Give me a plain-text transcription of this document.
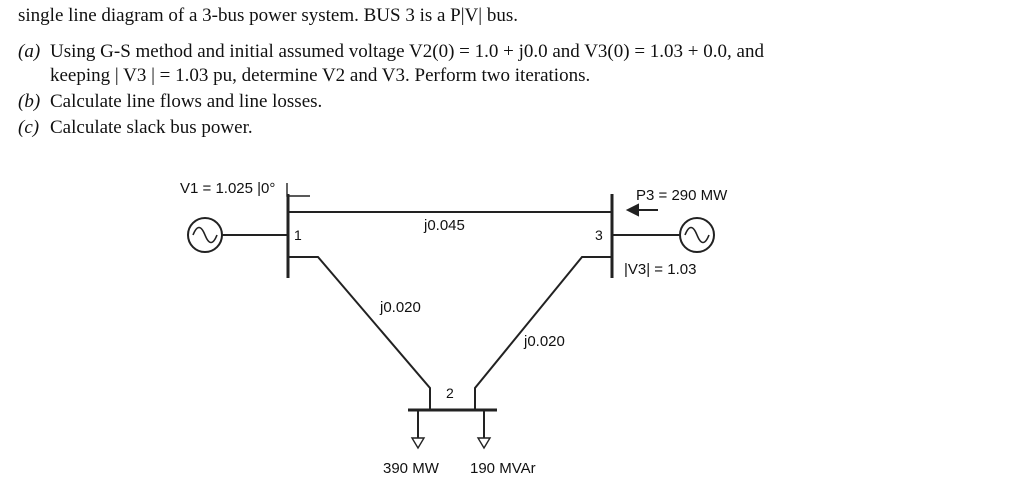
single line diagram of a 3-bus power system. BUS 3 is a P|V| bus.
(a) Using G-S method and initial assumed voltage V2(0) = 1.0 + j0.0 and V3(0) = 1.03 + 0.0, and
keeping | V3 | = 1.03 pu, determine V2 and V3. Perform two iterations.
(b) Calculate line flows and line losses.
(c) Calculate slack bus power.
V1 = 1.025 |0°
1	3
2
j0.045
j0.020
j0.020
P3 = 290 MW
|V3| = 1.03
390 MW 190 MVAr
